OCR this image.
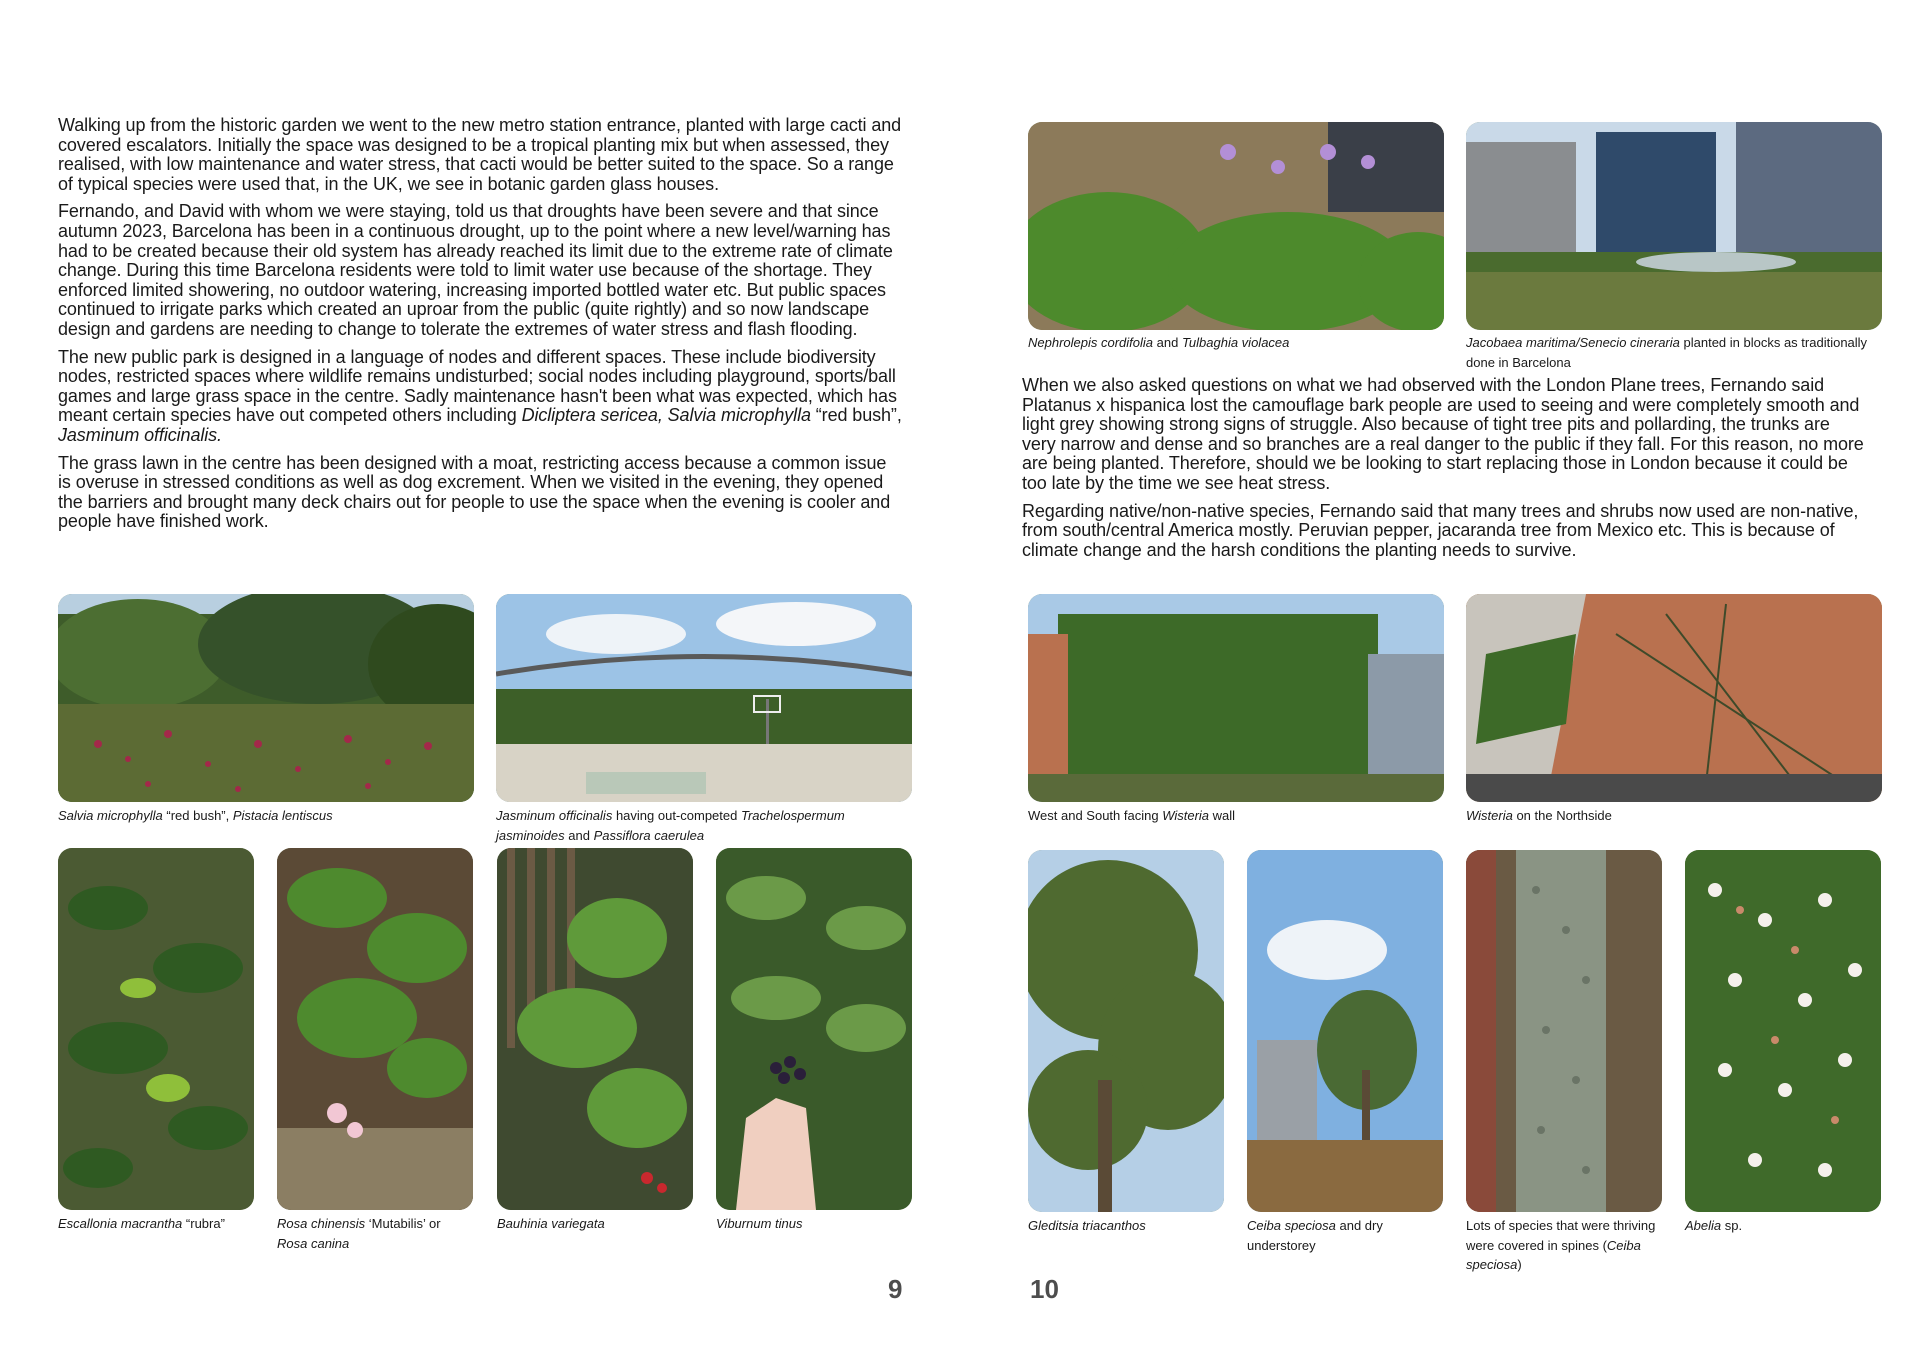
Walking up from the historic garden we went to the new metro station entrance, planted with large cacti and covered escalators. Initially the space was designed to be a tropical planting mix but when assessed, they realised, with low maintenance and water stress, that cacti would be better suited to the space. So a range of typical species were used that, in the UK, we see in botanic garden glass houses.

Fernando, and David with whom we were staying, told us that droughts have been severe and that since autumn 2023, Barcelona has been in a continuous drought, up to the point where a new level/warning has had to be created because their old system has already reached its limit due to the extreme rate of climate change. During this time Barcelona residents were told to limit water use because of the shortage. They enforced limited showering, no outdoor watering, increasing imported bottled water etc. But public spaces continued to irrigate parks which created an uproar from the public (quite rightly) and so now landscape design and gardens are needing to change to tolerate the extremes of water stress and flash flooding.

The new public park is designed in a language of nodes and different spaces. These include biodiversity nodes, restricted spaces where wildlife remains undisturbed; social nodes including playground, sports/ball games and large grass space in the centre. Sadly maintenance hasn't been what was expected, which has meant certain species have out competed others including Dicliptera sericea, Salvia microphylla “red bush”, Jasminum officinalis.

The grass lawn in the centre has been designed with a moat, restricting access because a common issue is overuse in stressed conditions as well as dog excrement. When we visited in the evening, they opened the barriers and brought many deck chairs out for people to use the space when the evening is cooler and people have finished work.

Salvia microphylla “red bush”, Pistacia lentiscus	Jasminum officinalis having out-competed Trachelospermum jasminoides and Passiflora caerulea
Escallonia macrantha “rubra”	Rosa chinensis ‘Mutabilis’ or Rosa canina
Bauhinia variegata	Viburnum tinus
9
Nephrolepis cordifolia and Tulbaghia violacea	Jacobaea maritima/Senecio cineraria planted in blocks as traditionally done in Barcelona

When we also asked questions on what we had observed with the London Plane trees, Fernando said Platanus x hispanica lost the camouflage bark people are used to seeing and were completely smooth and light grey showing strong signs of struggle. Also because of tight tree pits and pollarding, the trunks are very narrow and dense and so branches are a real danger to the public if they fall. For this reason, no more are being planted. Therefore, should we be looking to start replacing those in London because it could be too late by the time we see heat stress.

Regarding native/non-native species, Fernando said that many trees and shrubs now used are non-native, from south/central America mostly. Peruvian pepper, jacaranda tree from Mexico etc. This is because of climate change and the harsh conditions the planting needs to survive.

West and South facing Wisteria wall	Wisteria on the Northside
Gleditsia triacanthos	Ceiba speciosa and dry understorey
Lots of species that were thriving were covered in spines (Ceiba speciosa)
Abelia sp.
10
